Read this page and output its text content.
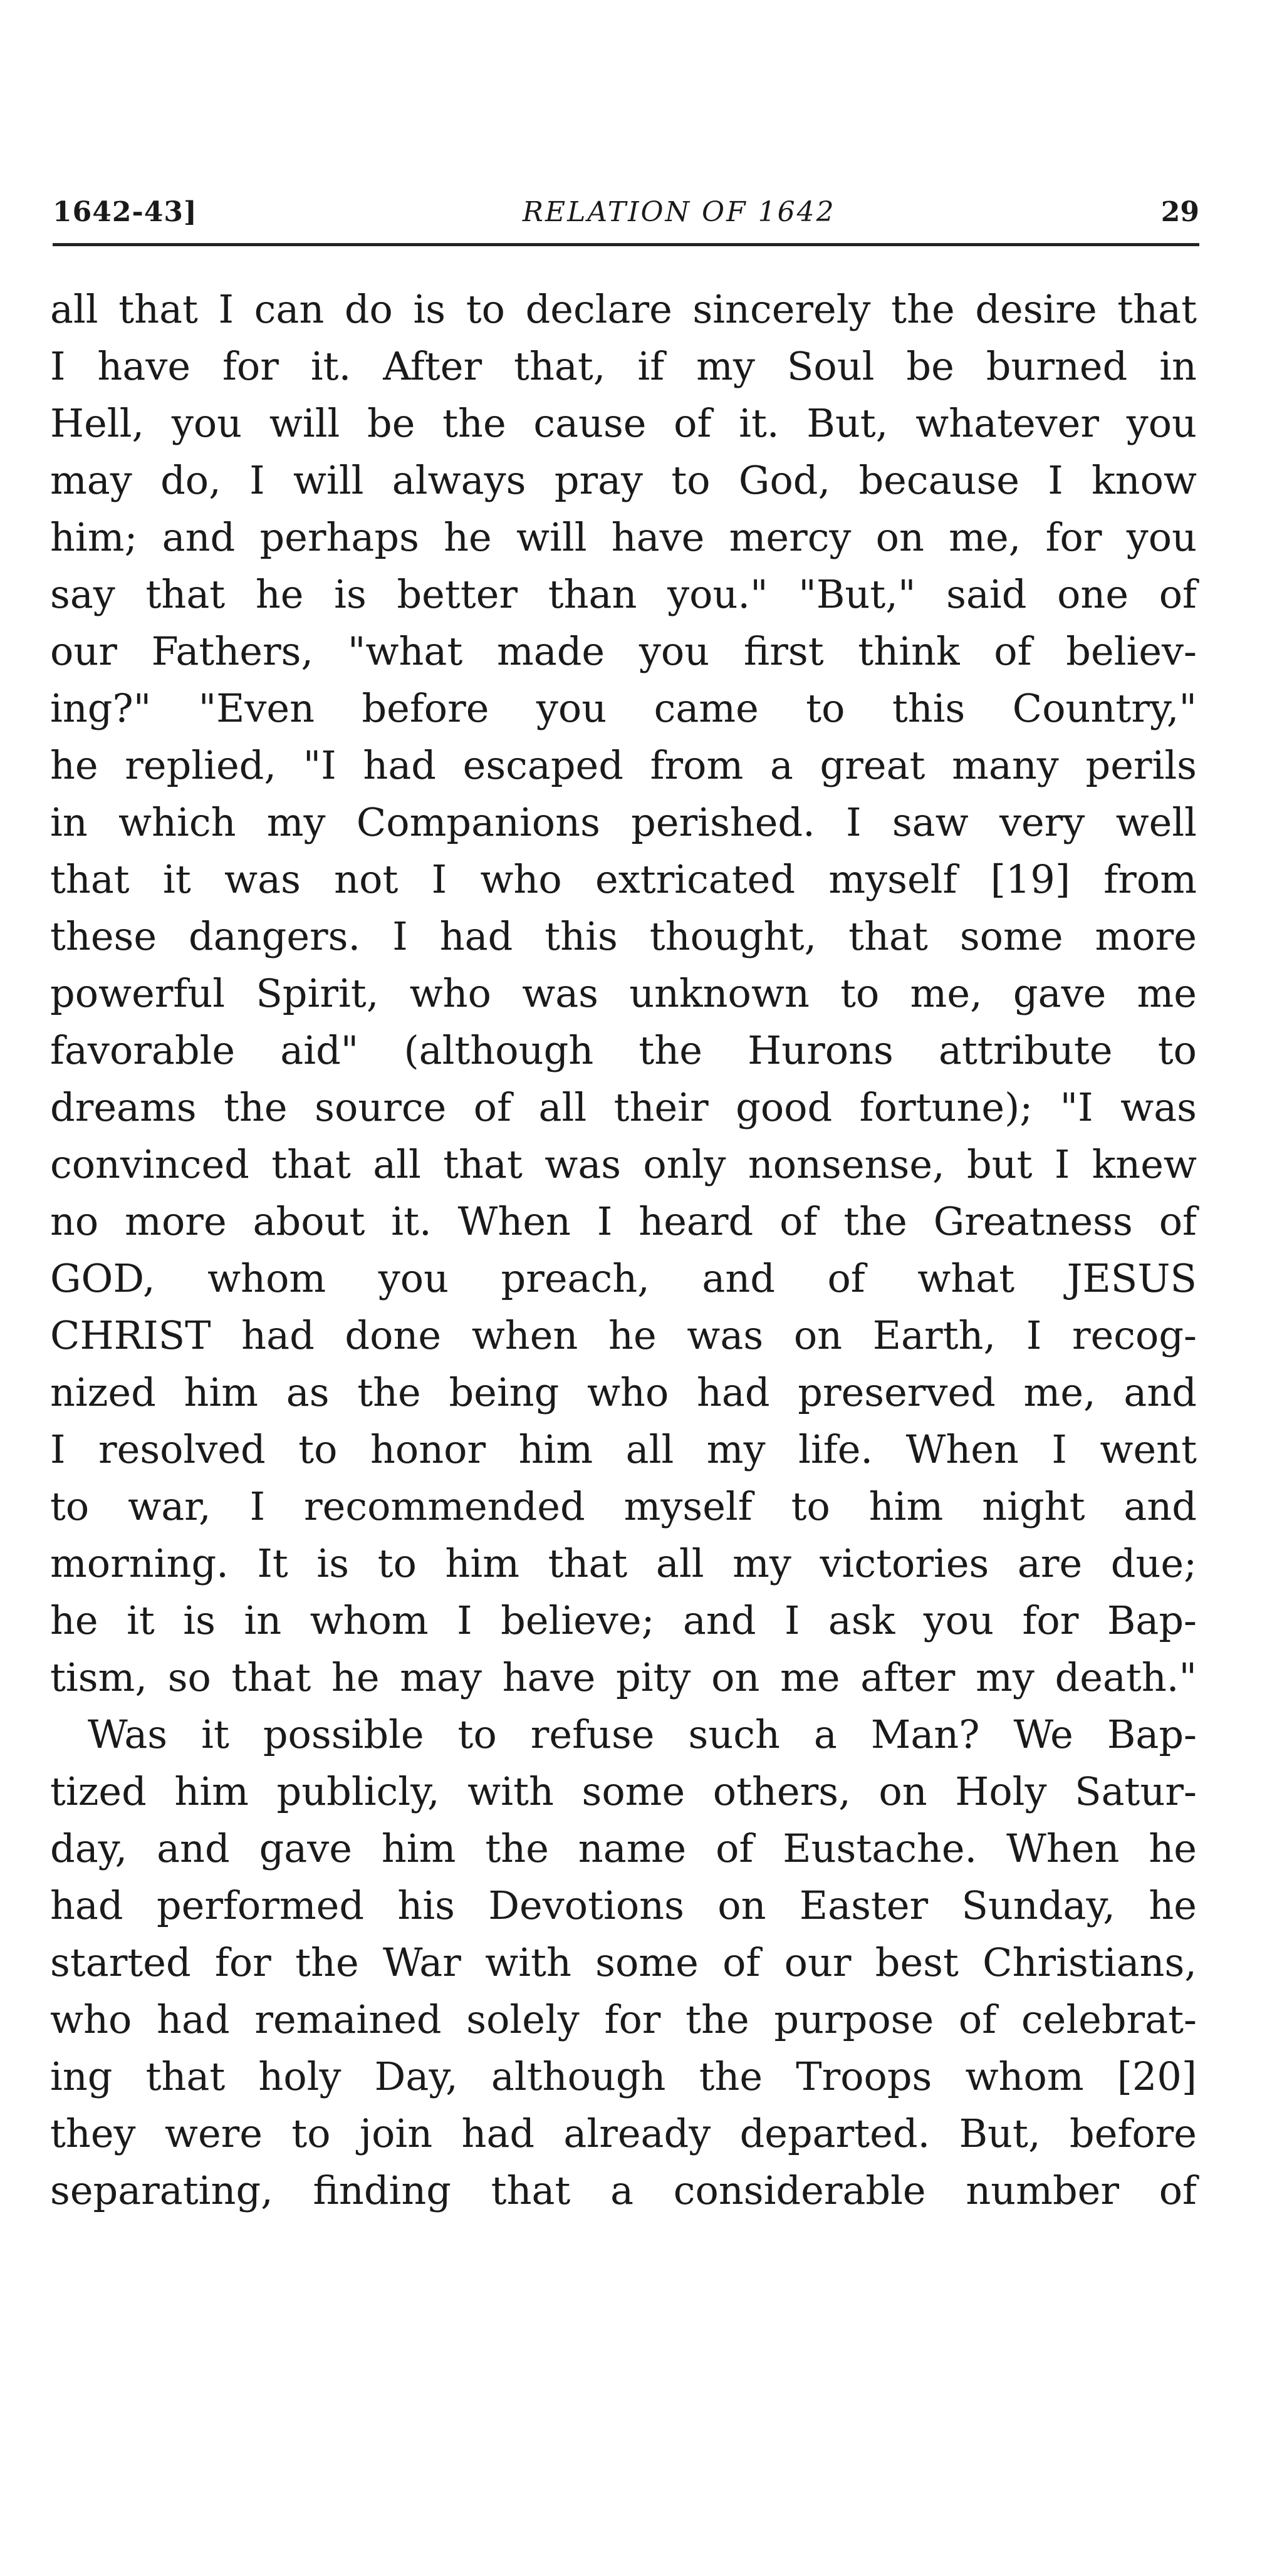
1642-43]	RELATION OF 1642	29
all that I can do is to declare sincerely the desire that
I have for it. After that, if my Soul be burned in
Hell, you will be the cause of it. But, whatever you
may do, I will always pray to God, because I know
him; and perhaps he will have mercy on me, for you
say that he is better than you." "But," said one of
our Fathers, "what made you first think of believ-
ing?" "Even before you came to this Country,"
he replied, "I had escaped from a great many perils
in which my Companions perished. I saw very well
that it was not I who extricated myself [19] from
these dangers. I had this thought, that some more
powerful Spirit, who was unknown to me, gave me
favorable aid" (although the Hurons attribute to
dreams the source of all their good fortune); "I was
convinced that all that was only nonsense, but I knew
no more about it. When I heard of the Greatness of
GOD, whom you preach, and of what JESUS
CHRIST had done when he was on Earth, I recog-
nized him as the being who had preserved me, and
I resolved to honor him all my life. When I went
to war, I recommended myself to him night and
morning. It is to him that all my victories are due;
he it is in whom I believe; and I ask you for Bap-
tism, so that he may have pity on me after my death."
Was it possible to refuse such a Man? We Bap-
tized him publicly, with some others, on Holy Satur-
day, and gave him the name of Eustache. When he
had performed his Devotions on Easter Sunday, he
started for the War with some of our best Christians,
who had remained solely for the purpose of celebrat-
ing that holy Day, although the Troops whom [20]
they were to join had already departed. But, before
separating, finding that a considerable number of
